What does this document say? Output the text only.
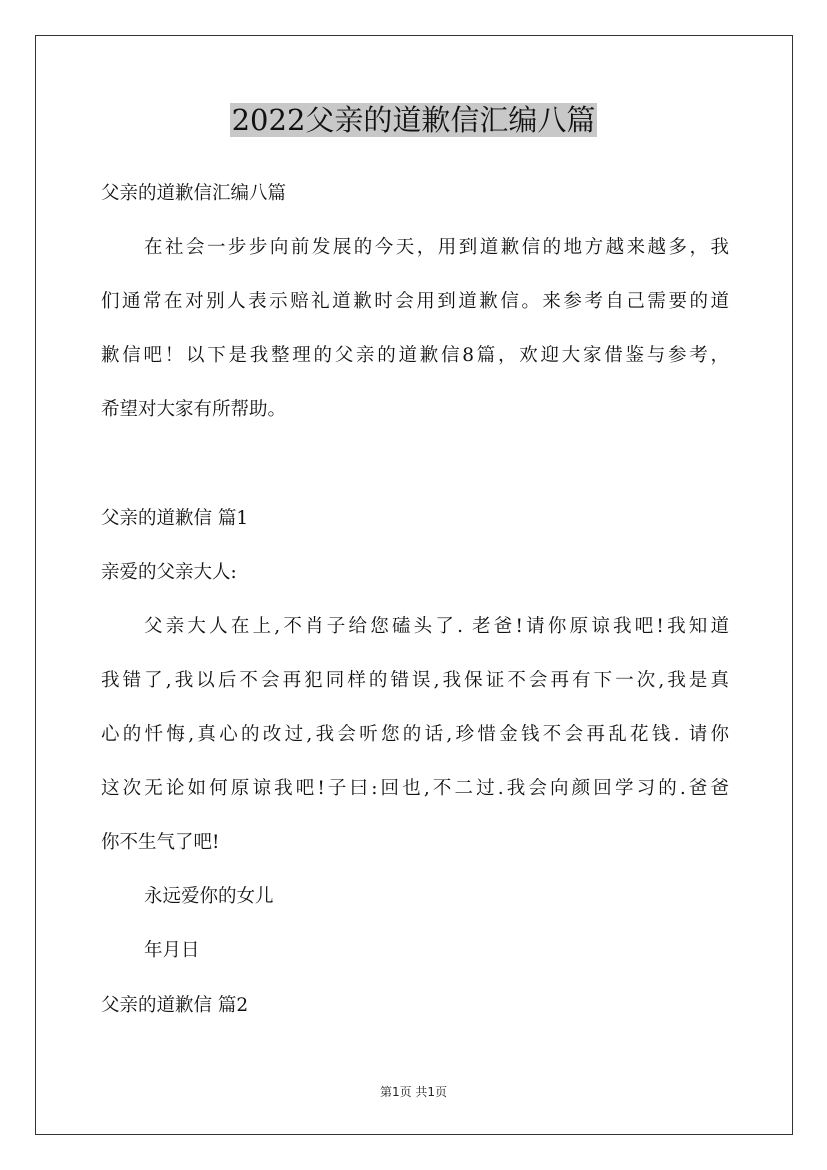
2022父亲的道歉信汇编八篇

父亲的道歉信汇编八篇

在社会一步步向前发展的今天，用到道歉信的地方越来越多，我

们通常在对别人表示赔礼道歉时会用到道歉信。来参考自己需要的道

歉信吧！以下是我整理的父亲的道歉信8篇，欢迎大家借鉴与参考，

希望对大家有所帮助。

父亲的道歉信 篇1

亲爱的父亲大人:

父亲大人在上,不肖子给您磕头了. 老爸!请你原谅我吧!我知道

我错了,我以后不会再犯同样的错误,我保证不会再有下一次,我是真

心的忏悔,真心的改过,我会听您的话,珍惜金钱不会再乱花钱. 请你

这次无论如何原谅我吧!子曰:回也,不二过.我会向颜回学习的.爸爸

你不生气了吧!

永远爱你的女儿

年月日

父亲的道歉信 篇2

第1页 共1页
